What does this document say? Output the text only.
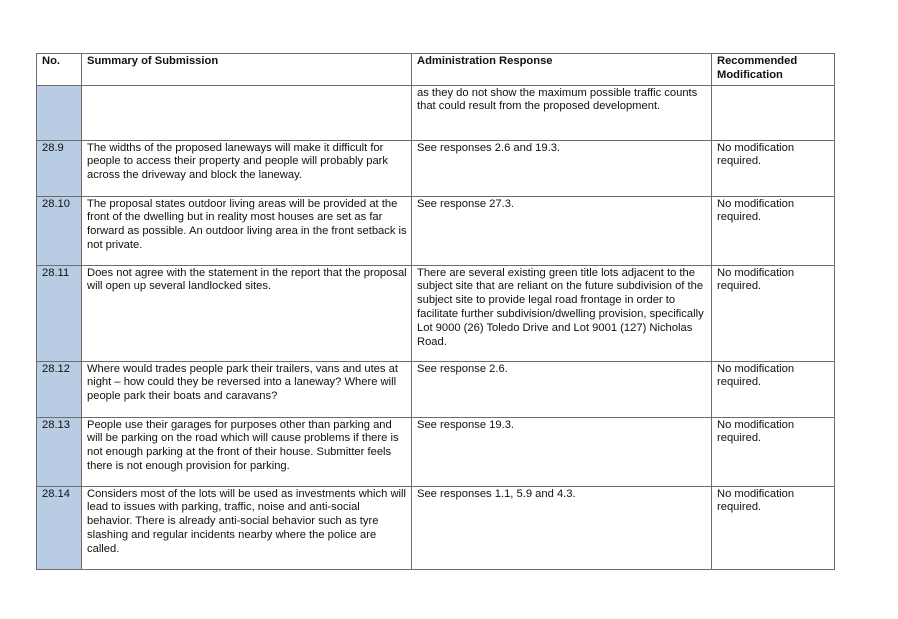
No.	Summary of Submission	Administration Response	Recommended Modification
		as they do not show the maximum possible traffic counts that could result from the proposed development.	
28.9	The widths of the proposed laneways will make it difficult for people to access their property and people will probably park across the driveway and block the laneway.	See responses 2.6 and 19.3.	No modification required.
28.10	The proposal states outdoor living areas will be provided at the front of the dwelling but in reality most houses are set as far forward as possible. An outdoor living area in the front setback is not private.	See response 27.3.	No modification required.
28.11	Does not agree with the statement in the report that the proposal will open up several landlocked sites.	There are several existing green title lots adjacent to the subject site that are reliant on the future subdivision of the subject site to provide legal road frontage in order to facilitate further subdivision/dwelling provision, specifically Lot 9000 (26) Toledo Drive and Lot 9001 (127) Nicholas Road.	No modification required.
28.12	Where would trades people park their trailers, vans and utes at night – how could they be reversed into a laneway? Where will people park their boats and caravans?	See response 2.6.	No modification required.
28.13	People use their garages for purposes other than parking and will be parking on the road which will cause problems if there is not enough parking at the front of their house. Submitter feels there is not enough provision for parking.	See response 19.3.	No modification required.
28.14	Considers most of the lots will be used as investments which will lead to issues with parking, traffic, noise and anti-social behavior. There is already anti-social behavior such as tyre slashing and regular incidents nearby where the police are called.	See responses 1.1, 5.9 and 4.3.	No modification required.
